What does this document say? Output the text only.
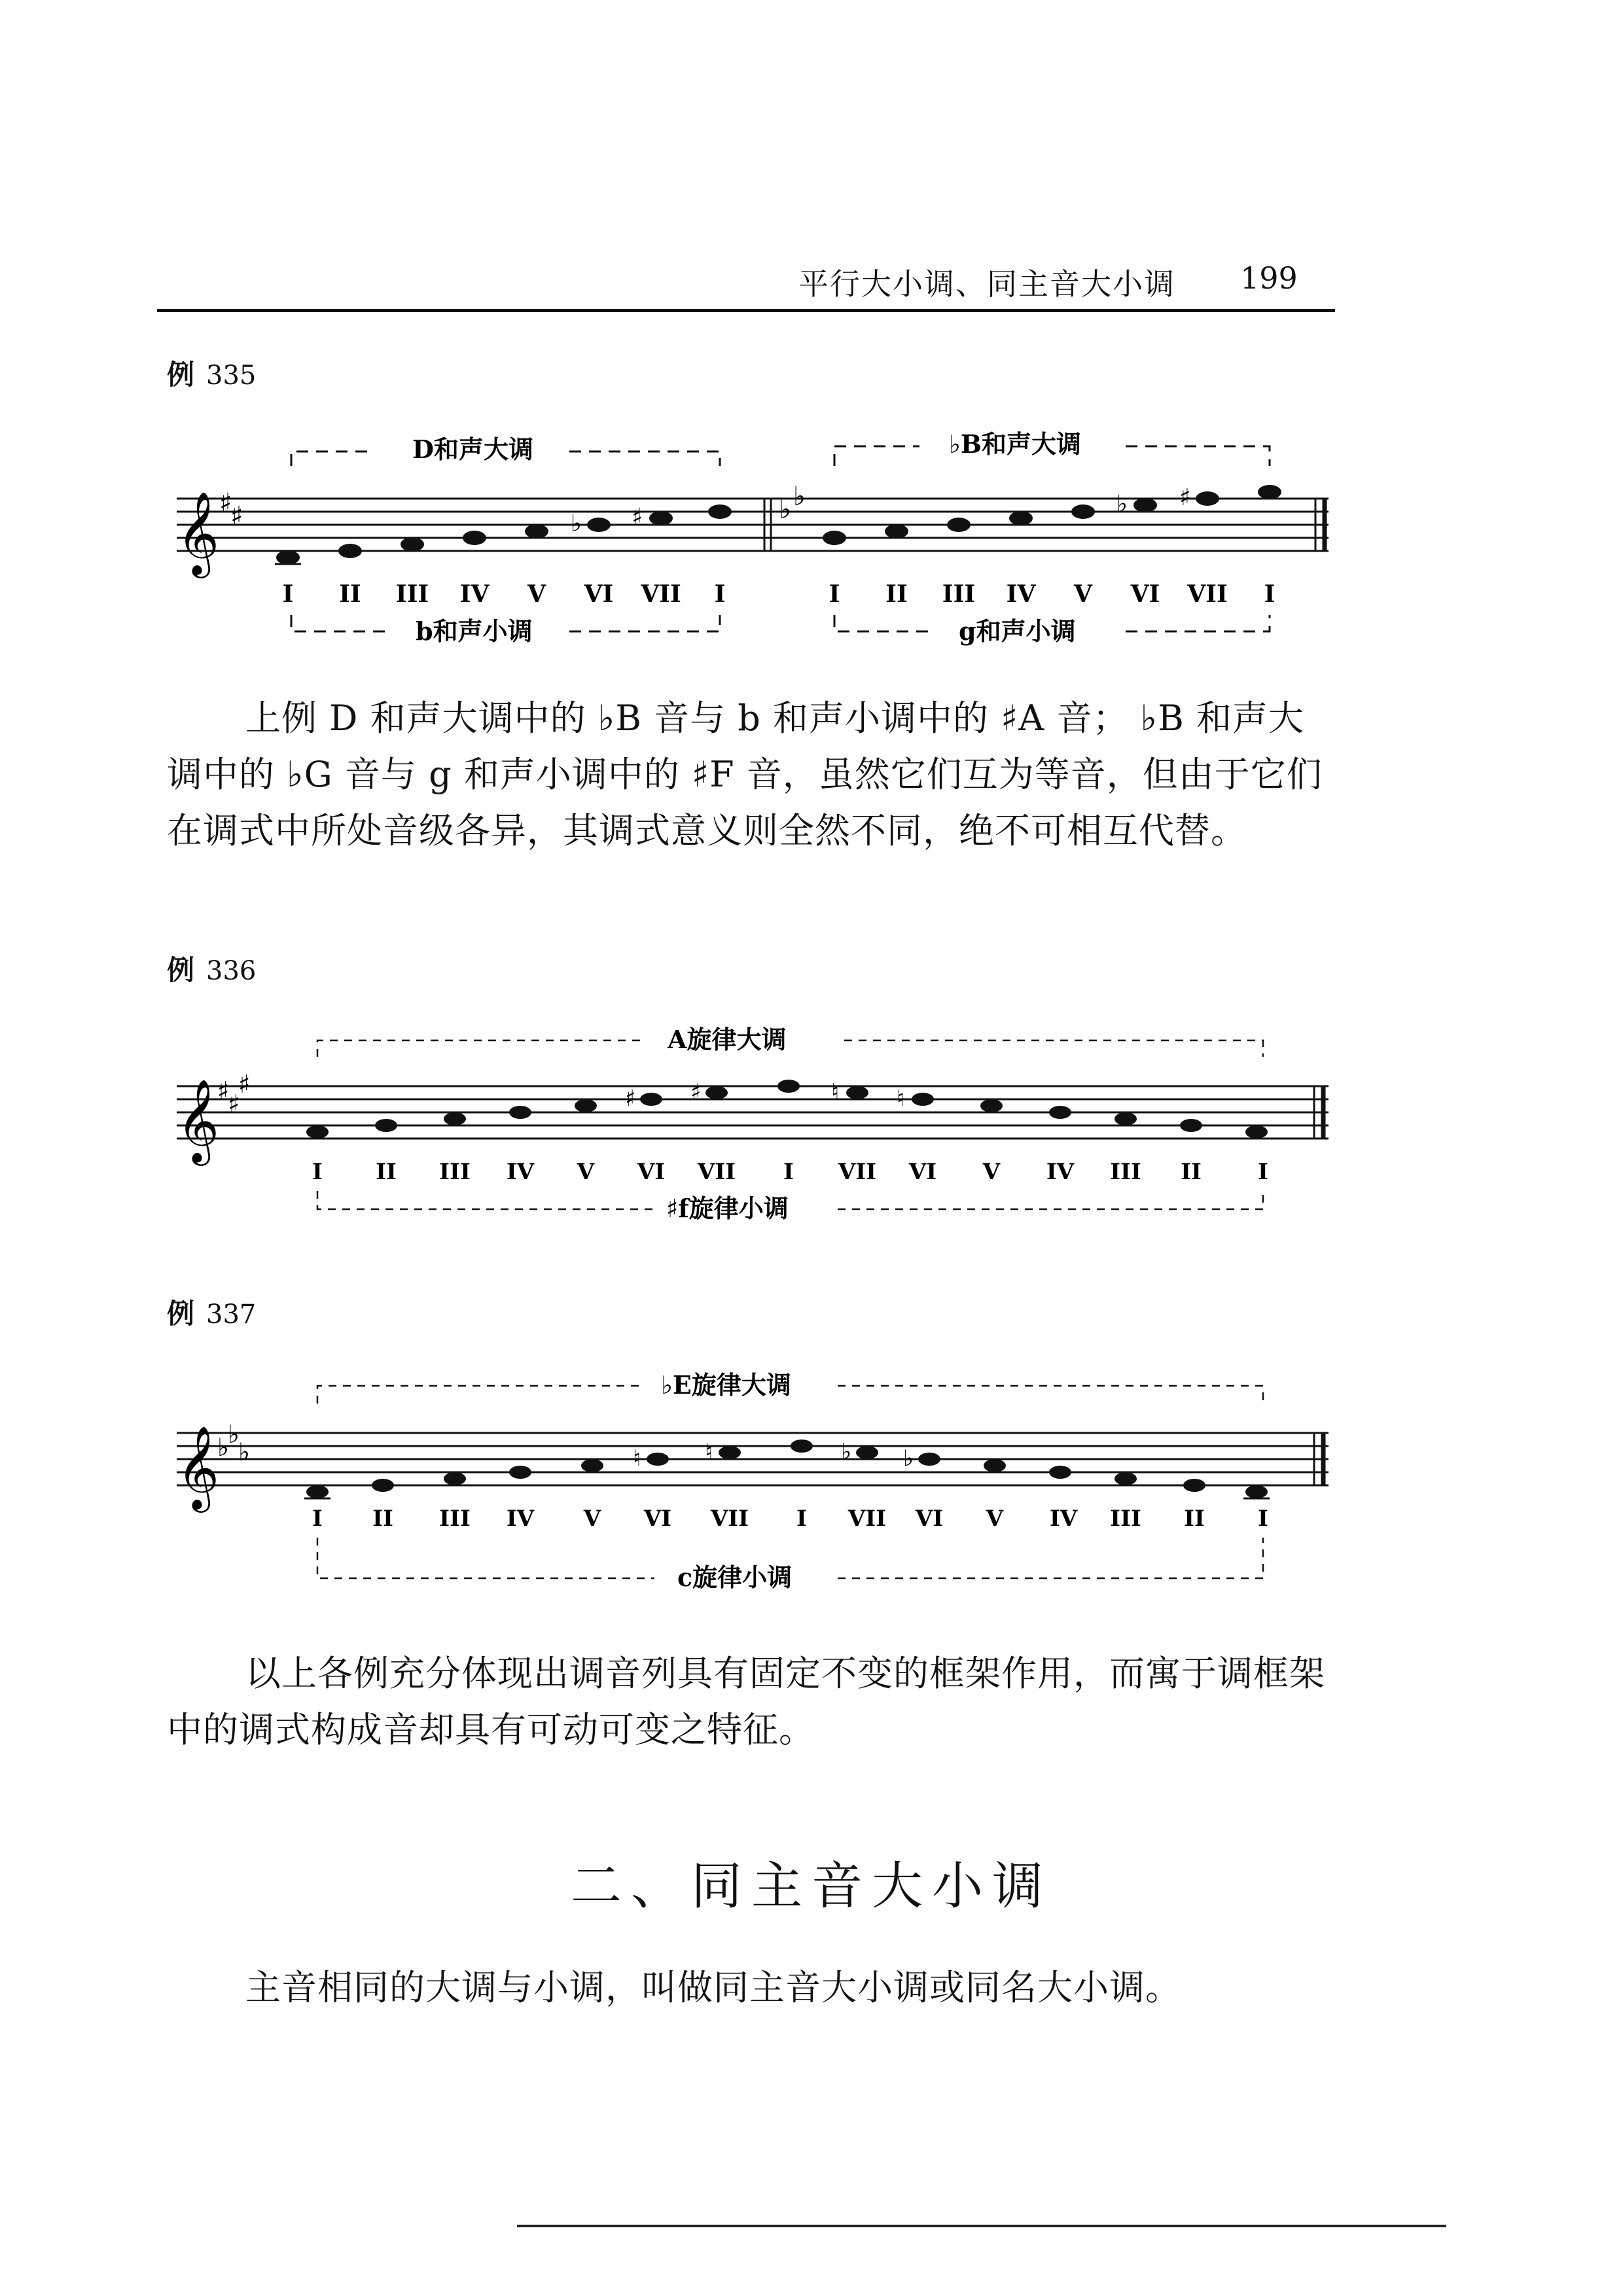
平行大小调、同主音大小调 199
例 335
𝄞 ♯
♯	♭ ♯	♭ ♭	♭ ♯
D和声大调	♭B和声大调
I II III IV V VI VII I	I II III IV V VI VII I
b和声小调	g和声小调
上例 D 和声大调中的 ♭B 音与 b 和声小调中的 ♯A 音； ♭B 和声大调中的 ♭G 音与 g 和声小调中的 ♯F 音，虽然它们互为等音，但由于它们在调式中所处音级各异，其调式意义则全然不同，绝不可相互代替。
例 336
𝄞
♯
♯
♯	♯ ♯	♮	♮
A旋律大调
I II III IV V VI VII I VII VI V IV III II	I
♯f旋律小调
例 337
𝄞
♭
♭
♭	♮	♮	♭ ♭
♭E旋律大调
I II III IV V VI VII I VII VI V IV III II I
c旋律小调
以上各例充分体现出调音列具有固定不变的框架作用，而寓于调框架中的调式构成音却具有可动可变之特征。
二、同主音大小调
主音相同的大调与小调，叫做同主音大小调或同名大小调。
